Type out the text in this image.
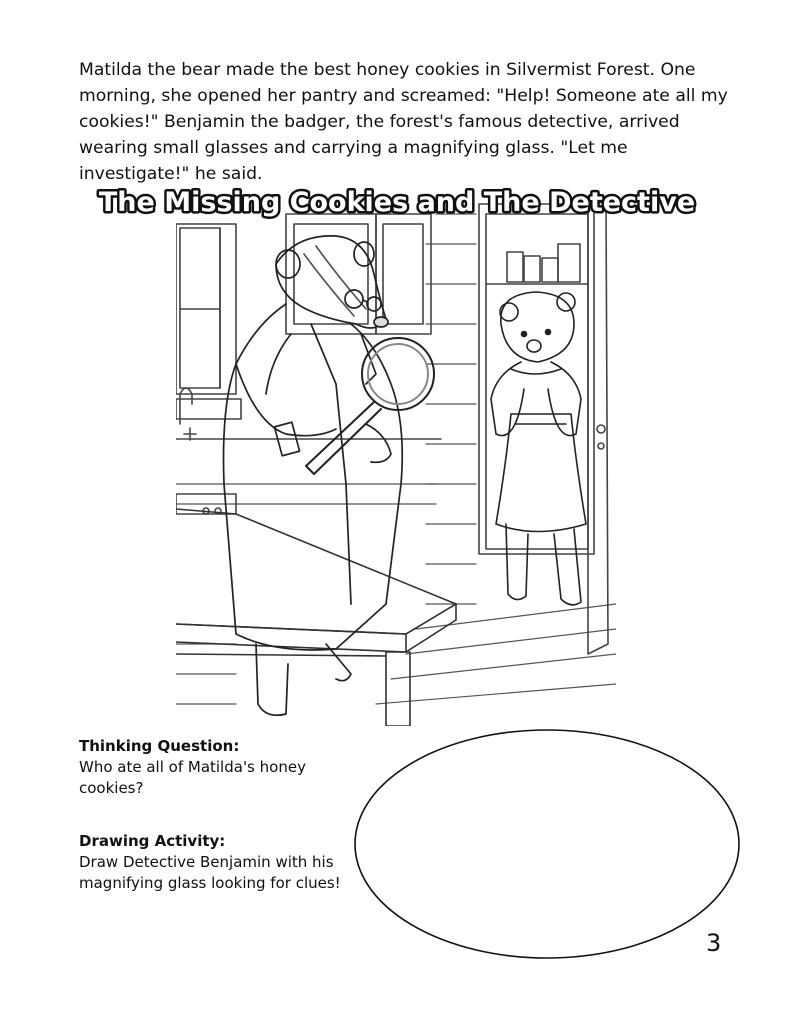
Matilda the bear made the best honey cookies in Silvermist Forest. One morning, she opened her pantry and screamed: "Help! Someone ate all my cookies!" Benjamin the badger, the forest's famous detective, arrived wearing small glasses and carrying a magnifying glass. "Let me investigate!" he said.

The Missing Cookies and The Detective
Thinking Question:
Who ate all of Matilda's honey cookies?
Drawing Activity:
Draw Detective Benjamin with his magnifying glass looking for clues!
3
